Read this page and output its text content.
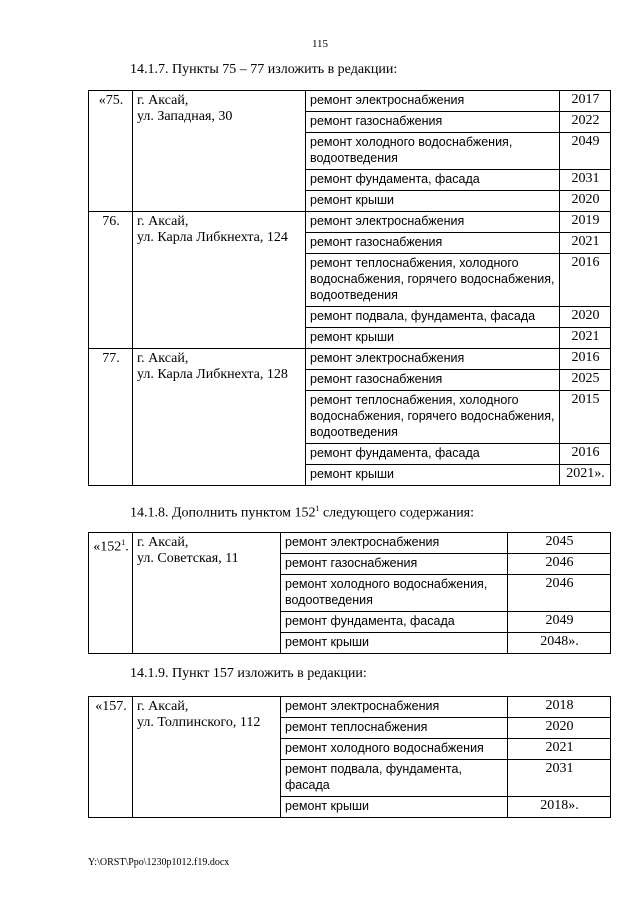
115
14.1.7. Пункты 75 – 77 изложить в редакции:
«75.	г. Аксай,
ул. Западная, 30	ремонт электроснабжения	2017
		ремонт газоснабжения	2022
		ремонт холодного водоснабжения, водоотведения	2049
		ремонт фундамента, фасада	2031
		ремонт крыши	2020
76.	г. Аксай,
ул. Карла Либкнехта, 124	ремонт электроснабжения	2019
		ремонт газоснабжения	2021
		ремонт теплоснабжения, холодного водоснабжения, горячего водоснабжения, водоотведения	2016
		ремонт подвала, фундамента, фасада	2020
		ремонт крыши	2021
77.	г. Аксай,
ул. Карла Либкнехта, 128	ремонт электроснабжения	2016
		ремонт газоснабжения	2025
		ремонт теплоснабжения, холодного водоснабжения, горячего водоснабжения, водоотведения	2015
		ремонт фундамента, фасада	2016
		ремонт крыши	2021».
14.1.8. Дополнить пунктом $152^1$ следующего содержания:
«$152^1$.	г. Аксай,
ул. Советская, 11	ремонт электроснабжения	2045
		ремонт газоснабжения	2046
		ремонт холодного водоснабжения, водоотведения	2046
		ремонт фундамента, фасада	2049
		ремонт крыши	2048».
14.1.9. Пункт 157 изложить в редакции:
«157.	г. Аксай,
ул. Толпинского, 112	ремонт электроснабжения	2018
		ремонт теплоснабжения	2020
		ремонт холодного водоснабжения	2021
		ремонт подвала, фундамента, фасада	2031
		ремонт крыши	2018».
Y:\ORST\Ppo\1230p1012.f19.docx
